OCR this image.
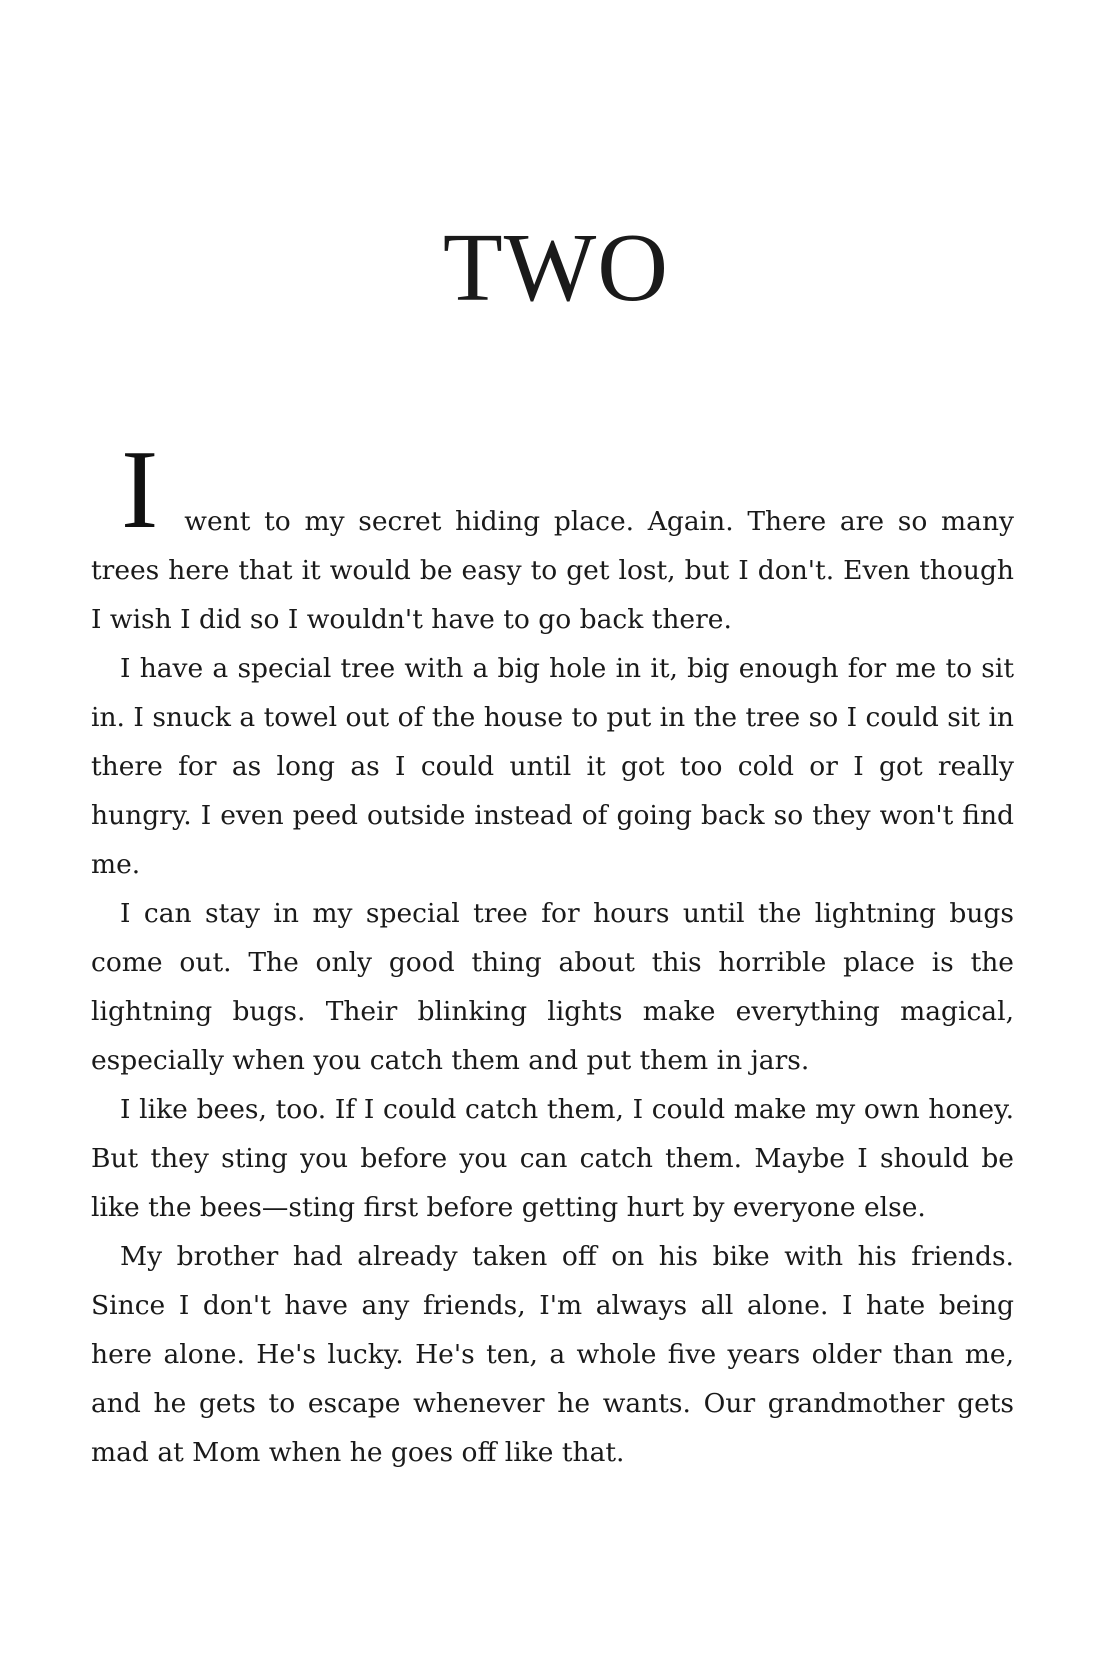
TWO
I went to my secret hiding place. Again. There are so many

trees here that it would be easy to get lost, but I don't. Even though I wish I did so I wouldn't have to go back there.

I have a special tree with a big hole in it, big enough for me to sit in. I snuck a towel out of the house to put in the tree so I could sit in there for as long as I could until it got too cold or I got really hungry. I even peed outside instead of going back so they won't find me.

I can stay in my special tree for hours until the lightning bugs come out. The only good thing about this horrible place is the lightning bugs. Their blinking lights make everything magical, especially when you catch them and put them in jars.

I like bees, too. If I could catch them, I could make my own honey. But they sting you before you can catch them. Maybe I should be like the bees—sting first before getting hurt by everyone else.

My brother had already taken off on his bike with his friends. Since I don't have any friends, I'm always all alone. I hate being here alone. He's lucky. He's ten, a whole five years older than me, and he gets to escape whenever he wants. Our grandmother gets mad at Mom when he goes off like that.
